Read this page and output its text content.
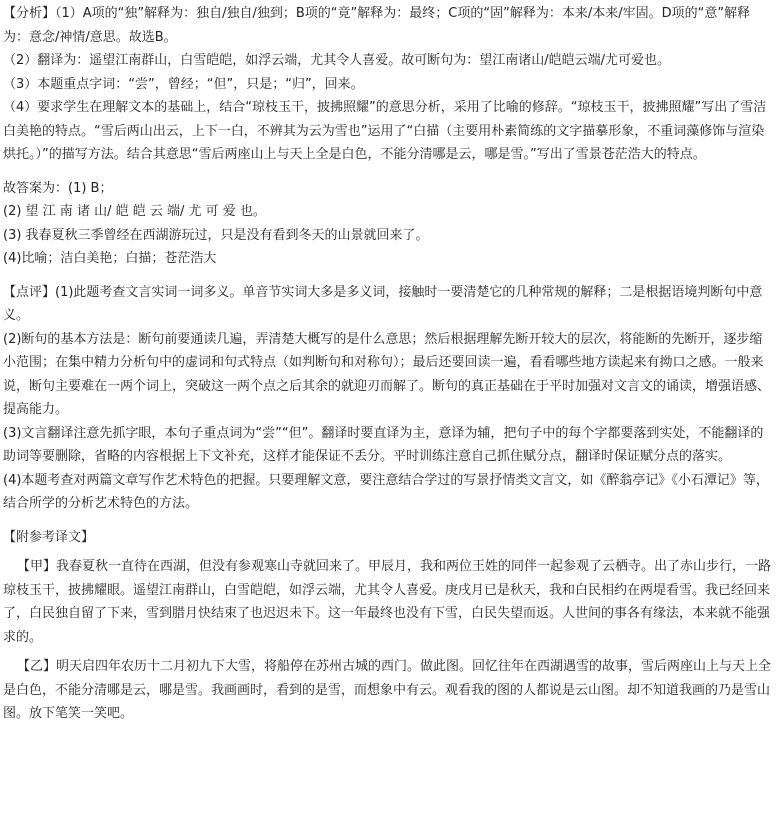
【分析】（1）A项的“独”解释为：独自/独自/独到；B项的“竟”解释为：最终；C项的“固”解释为：本来/本来/牢固。D项的“意”解释为：意念/神情/意思。故选B。

（2）翻译为：遥望江南群山，白雪皑皑，如浮云端，尤其令人喜爱。故可断句为：望江南诸山/皑皑云端/尤可爱也。

（3）本题重点字词：“尝”，曾经；“但”，只是；“归”，回来。

（4）要求学生在理解文本的基础上，结合“琼枝玉干，披拂照耀”的意思分析，采用了比喻的修辞。“琼枝玉干，披拂照耀”写出了雪洁白美艳的特点。“雪后两山出云，上下一白，不辨其为云为雪也”运用了“白描（主要用朴素简练的文字描摹形象，不重词藻修饰与渲染烘托。）”的描写方法。结合其意思“雪后两座山上与天上全是白色，不能分清哪是云，哪是雪。”写出了雪景苍茫浩大的特点。

故答案为：(1) B；

(2) 望 江 南 诸 山/ 皑 皑 云 端/ 尤 可 爱 也。

(3) 我春夏秋三季曾经在西湖游玩过，只是没有看到冬天的山景就回来了。

(4)比喻；洁白美艳；白描；苍茫浩大

【点评】(1)此题考查文言实词一词多义。单音节实词大多是多义词，接触时一要清楚它的几种常规的解释；二是根据语境判断句中意义。

(2)断句的基本方法是：断句前要通读几遍，弄清楚大概写的是什么意思；然后根据理解先断开较大的层次，将能断的先断开，逐步缩小范围；在集中精力分析句中的虚词和句式特点（如判断句和对称句）；最后还要回读一遍，看看哪些地方读起来有拗口之感。一般来说，断句主要难在一两个词上，突破这一两个点之后其余的就迎刃而解了。断句的真正基础在于平时加强对文言文的诵读，增强语感、提高能力。

(3)文言翻译注意先抓字眼，本句子重点词为“尝”“但”。翻译时要直译为主，意译为辅，把句子中的每个字都要落到实处，不能翻译的助词等要删除，省略的内容根据上下文补充，这样才能保证不丢分。平时训练注意自己抓住赋分点，翻译时保证赋分点的落实。

(4)本题考查对两篇文章写作艺术特色的把握。只要理解文意，要注意结合学过的写景抒情类文言文，如《醉翁亭记》《小石潭记》等，结合所学的分析艺术特色的方法。

【附参考译文】

【甲】我春夏秋一直待在西湖，但没有参观寒山寺就回来了。甲辰月，我和两位王姓的同伴一起参观了云栖寺。出了赤山步行，一路琼枝玉干，披拂耀眼。遥望江南群山，白雪皑皑，如浮云端，尤其令人喜爱。庚戌月已是秋天，我和白民相约在两堤看雪。我已经回来了，白民独自留了下来，雪到腊月快结束了也迟迟未下。这一年最终也没有下雪，白民失望而返。人世间的事各有缘法，本来就不能强求的。

【乙】明天启四年农历十二月初九下大雪，将船停在苏州古城的西门。做此图。回忆往年在西湖遇雪的故事，雪后两座山上与天上全是白色，不能分清哪是云，哪是雪。我画画时，看到的是雪，而想象中有云。观看我的图的人都说是云山图。却不知道我画的乃是雪山图。放下笔笑一笑吧。
